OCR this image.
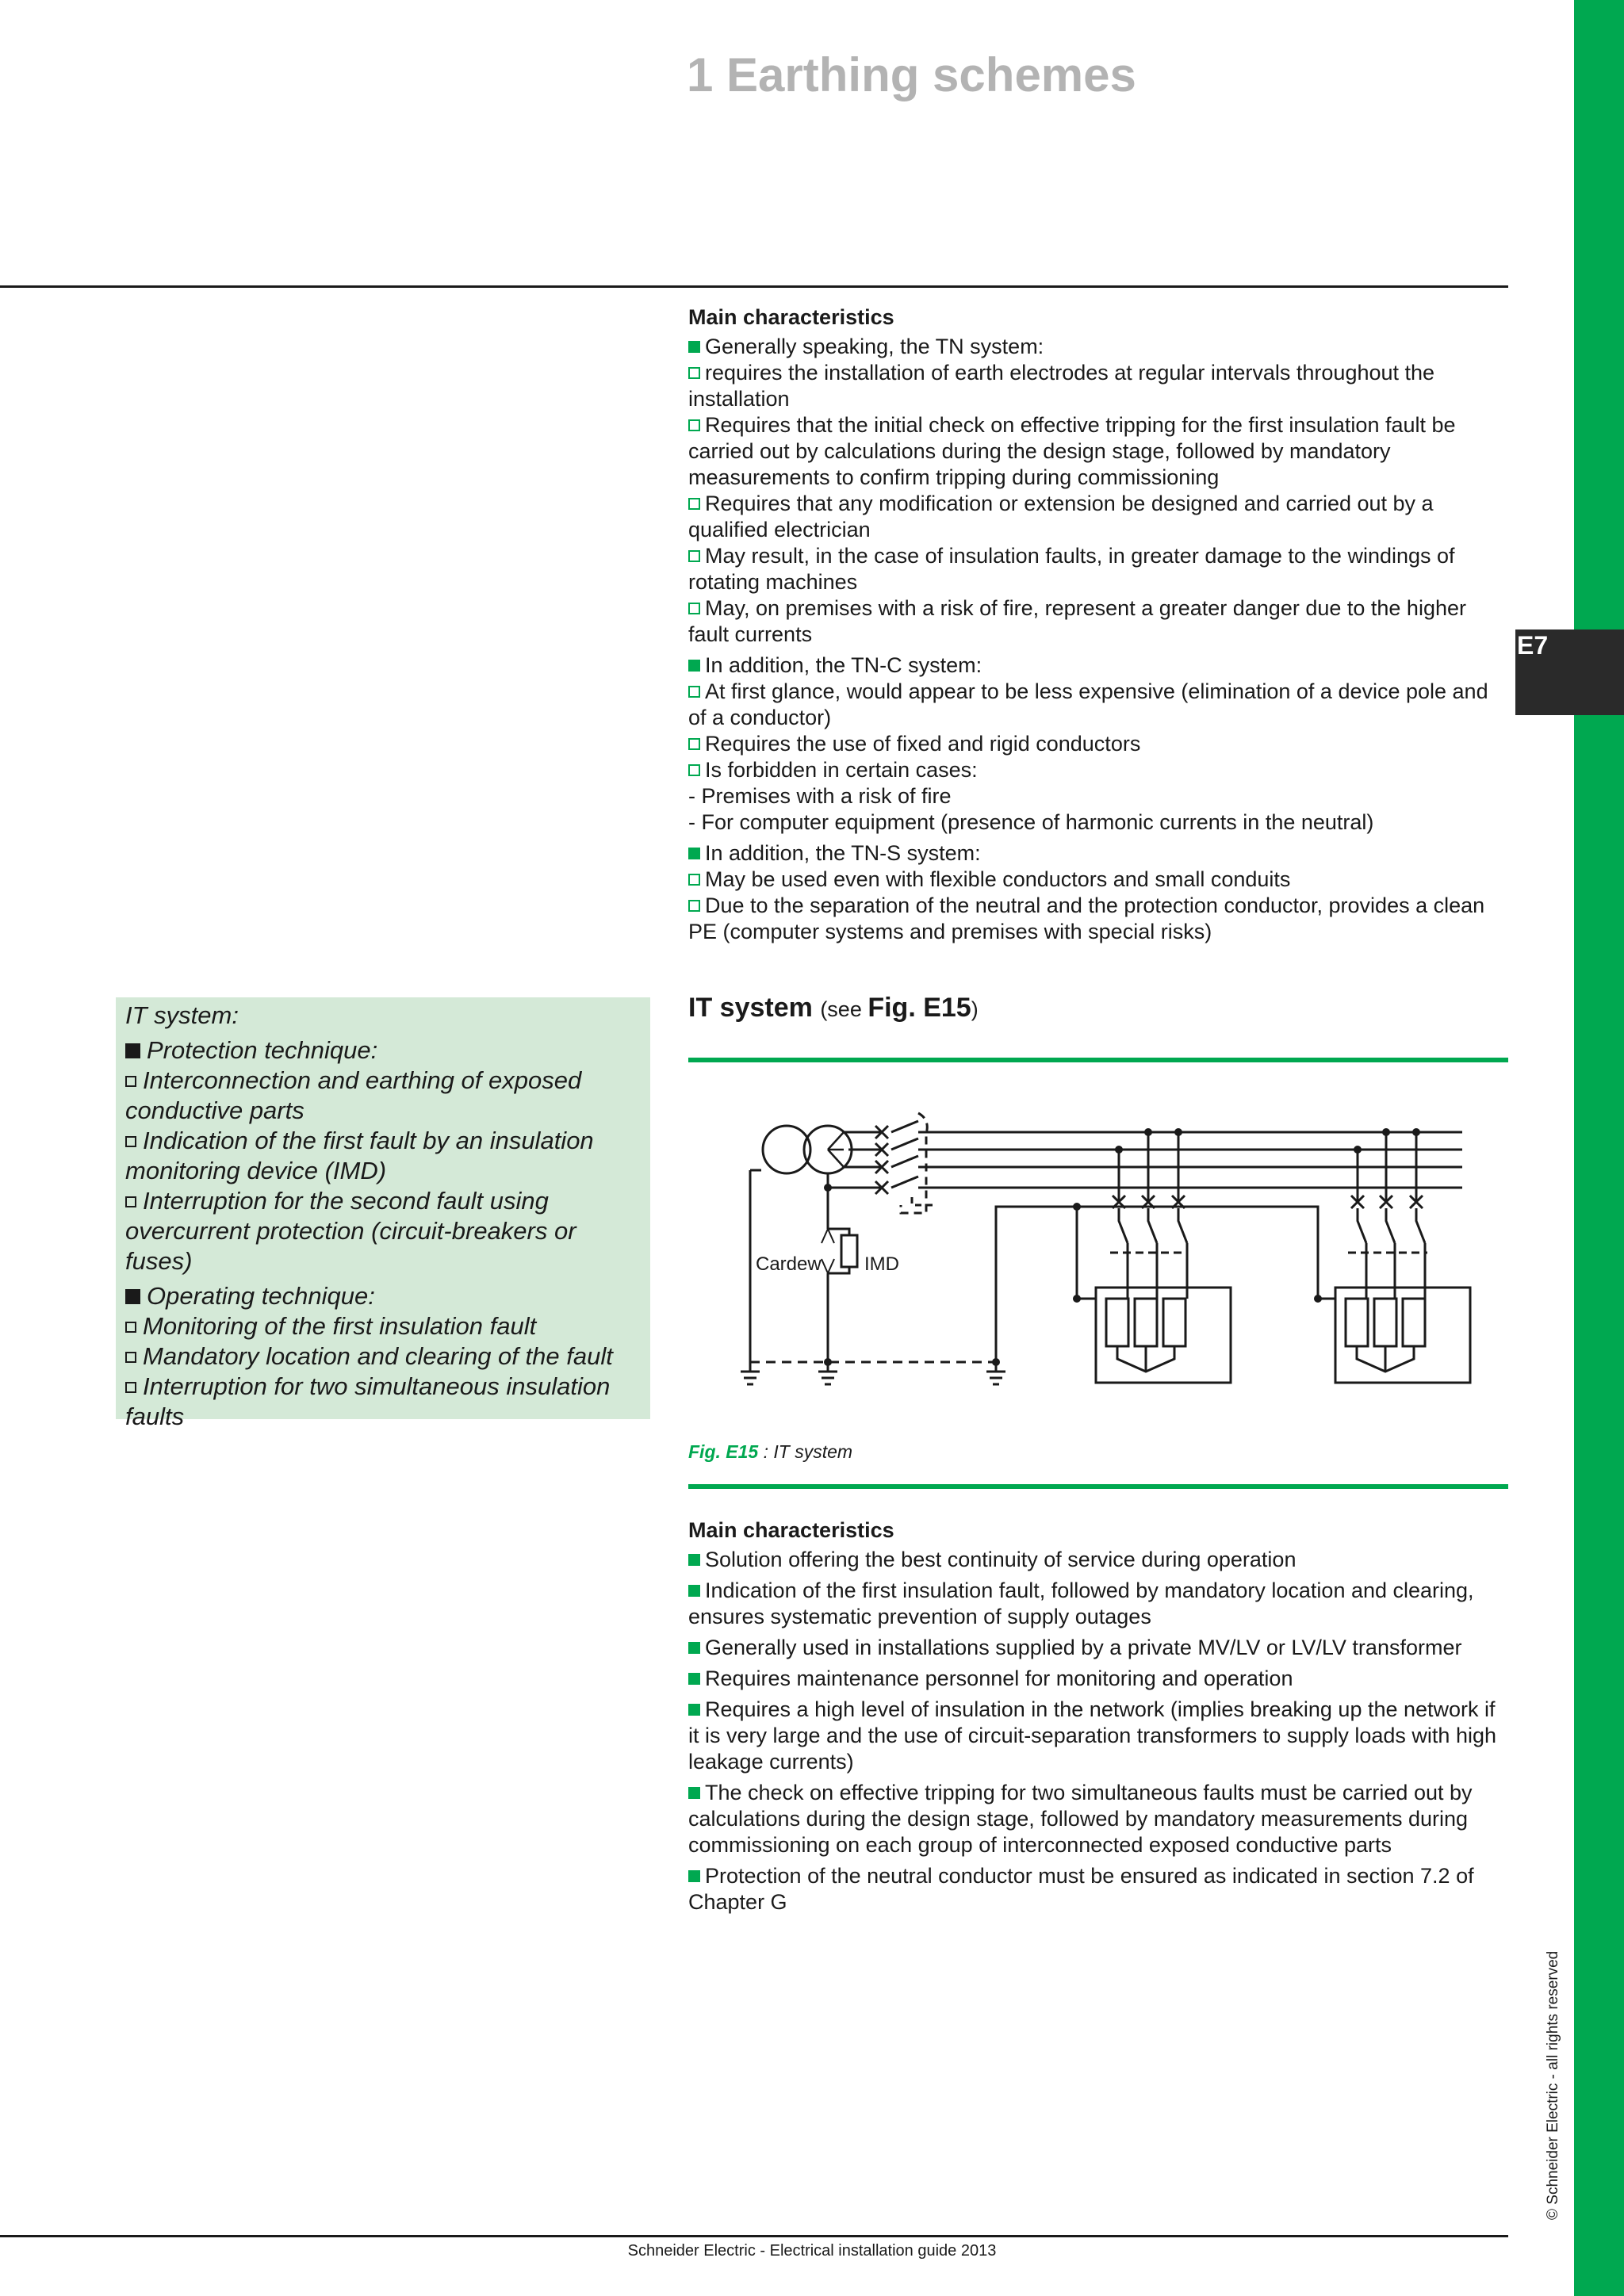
E7
1 Earthing schemes

Main characteristics

Generally speaking, the TN system:

requires the installation of earth electrodes at regular intervals throughout the installation

Requires that the initial check on effective tripping for the first insulation fault be carried out by calculations during the design stage, followed by mandatory measurements to confirm tripping during commissioning

Requires that any modification or extension be designed and carried out by a qualified electrician

May result, in the case of insulation faults, in greater damage to the windings of rotating machines

May, on premises with a risk of fire, represent a greater danger due to the higher fault currents

In addition, the TN-C system:

At first glance, would appear to be less expensive (elimination of a device pole and of a conductor)

Requires the use of fixed and rigid conductors

Is forbidden in certain cases:

- Premises with a risk of fire

- For computer equipment (presence of harmonic currents in the neutral)

In addition, the TN-S system:

May be used even with flexible conductors and small conduits

Due to the separation of the neutral and the protection conductor, provides a clean PE (computer systems and premises with special risks)

IT system:

Protection technique:

Interconnection and earthing of exposed conductive parts

Indication of the first fault by an insulation monitoring device (IMD)

Interruption for the second fault using overcurrent protection (circuit-breakers or fuses)

Operating technique:

Monitoring of the first insulation fault

Mandatory location and clearing of the fault

Interruption for two simultaneous insulation faults

IT system (see Fig. E15)
Cardew IMD
Fig. E15 : IT system

Main characteristics

Solution offering the best continuity of service during operation

Indication of the first insulation fault, followed by mandatory location and clearing, ensures systematic prevention of supply outages

Generally used in installations supplied by a private MV/LV or LV/LV transformer

Requires maintenance personnel for monitoring and operation

Requires a high level of insulation in the network (implies breaking up the network if it is very large and the use of circuit-separation transformers to supply loads with high leakage currents)

The check on effective tripping for two simultaneous faults must be carried out by calculations during the design stage, followed by mandatory measurements during commissioning on each group of interconnected exposed conductive parts

Protection of the neutral conductor must be ensured as indicated in section 7.2 of Chapter G

Schneider Electric - Electrical installation guide 2013
© Schneider Electric - all rights reserved
